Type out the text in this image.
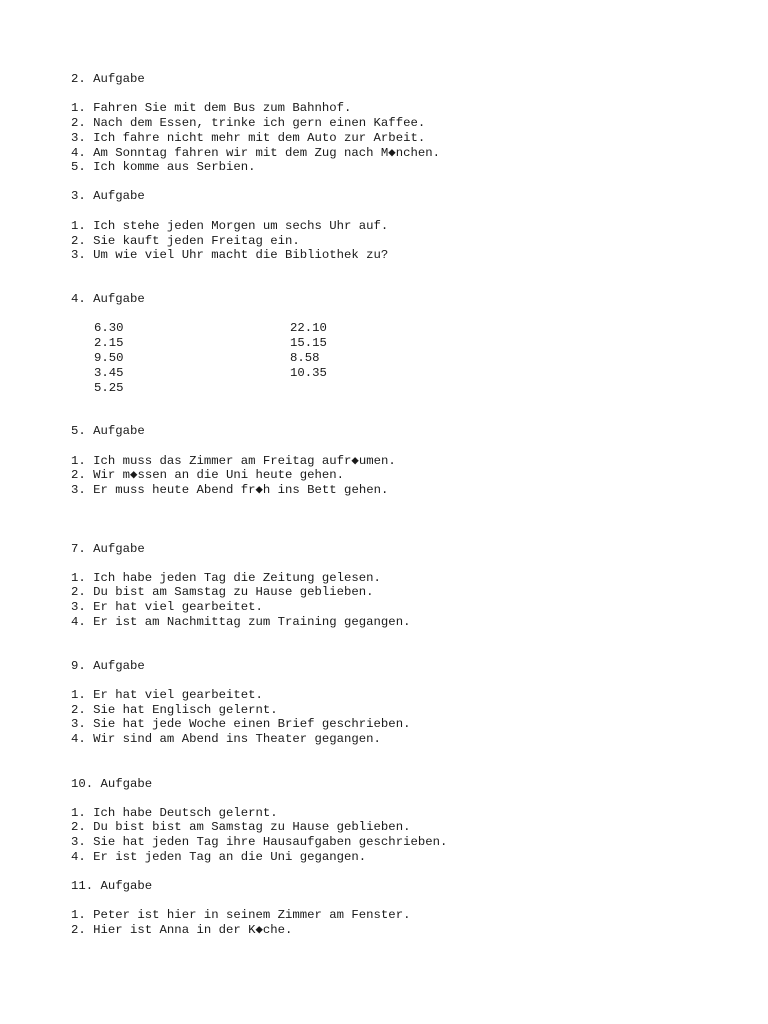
2. Aufgabe
1. Fahren Sie mit dem Bus zum Bahnhof.
2. Nach dem Essen, trinke ich gern einen Kaffee.
3. Ich fahre nicht mehr mit dem Auto zur Arbeit.
4. Am Sonntag fahren wir mit dem Zug nach M◆nchen.
5. Ich komme aus Serbien.
3. Aufgabe
1. Ich stehe jeden Morgen um sechs Uhr auf.
2. Sie kauft jeden Freitag ein.
3. Um wie viel Uhr macht die Bibliothek zu?
4. Aufgabe
6.30
2.15
9.50
3.45
5.25
22.10
15.15
8.58
10.35
5. Aufgabe
1. Ich muss das Zimmer am Freitag aufr◆umen.
2. Wir m◆ssen an die Uni heute gehen.
3. Er muss heute Abend fr◆h ins Bett gehen.
7. Aufgabe
1. Ich habe jeden Tag die Zeitung gelesen.
2. Du bist am Samstag zu Hause geblieben.
3. Er hat viel gearbeitet.
4. Er ist am Nachmittag zum Training gegangen.
9. Aufgabe
1. Er hat viel gearbeitet.
2. Sie hat Englisch gelernt.
3. Sie hat jede Woche einen Brief geschrieben.
4. Wir sind am Abend ins Theater gegangen.
10. Aufgabe
1. Ich habe Deutsch gelernt.
2. Du bist bist am Samstag zu Hause geblieben.
3. Sie hat jeden Tag ihre Hausaufgaben geschrieben.
4. Er ist jeden Tag an die Uni gegangen.
11. Aufgabe
1. Peter ist hier in seinem Zimmer am Fenster.
2. Hier ist Anna in der K◆che.
